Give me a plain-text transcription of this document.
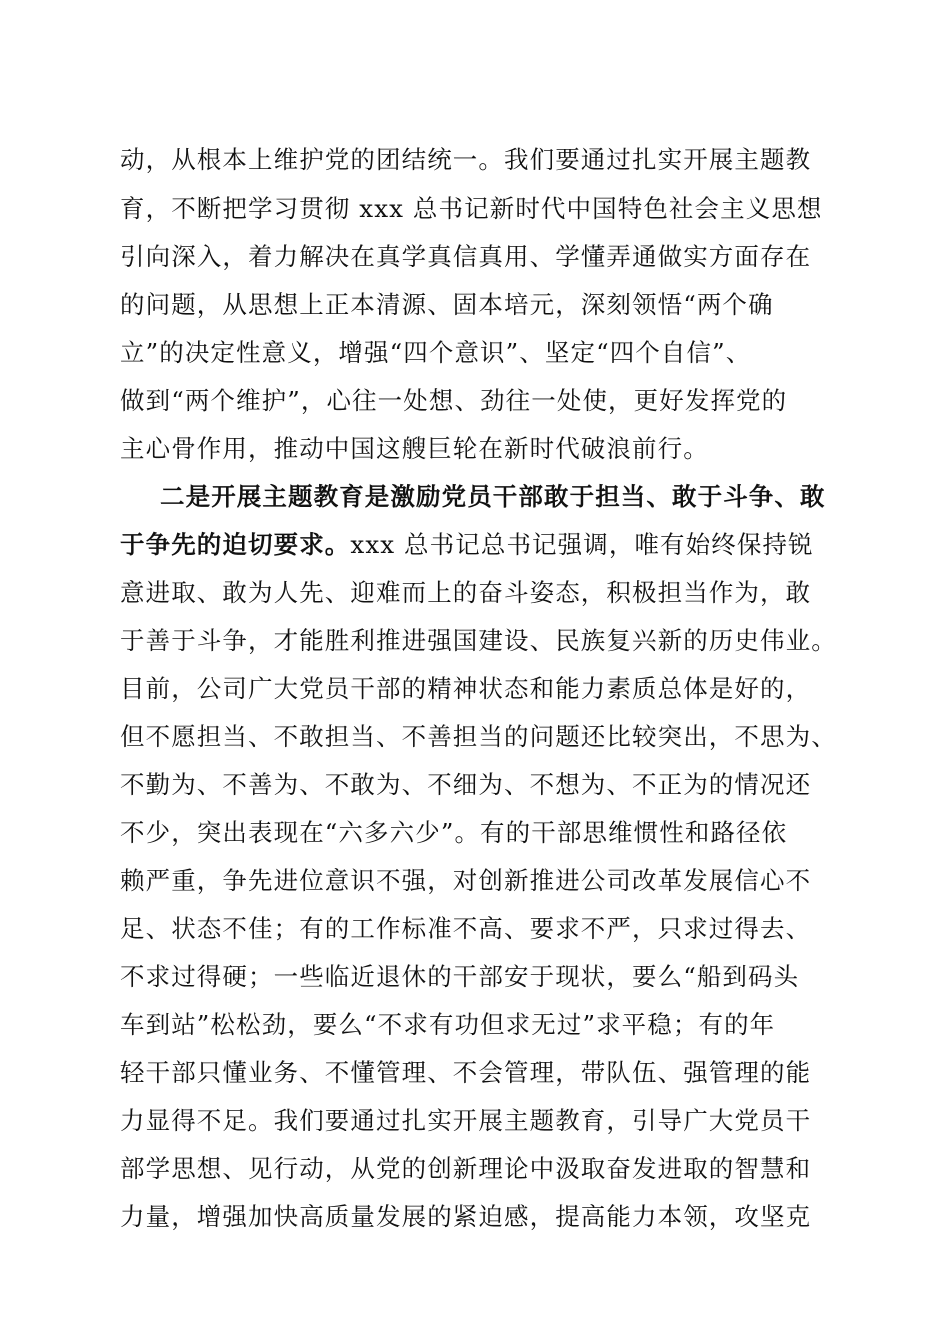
动，从根本上维护党的团结统一。我们要通过扎实开展主题教
育，不断把学习贯彻 xxx 总书记新时代中国特色社会主义思想
引向深入，着力解决在真学真信真用、学懂弄通做实方面存在
的问题，从思想上正本清源、固本培元，深刻领悟“两个确
立”的决定性意义，增强“四个意识”、坚定“四个自信”、
做到“两个维护”，心往一处想、劲往一处使，更好发挥党的
主心骨作用，推动中国这艘巨轮在新时代破浪前行。
二是开展主题教育是激励党员干部敢于担当、敢于斗争、敢
于争先的迫切要求。xxx 总书记总书记强调，唯有始终保持锐
意进取、敢为人先、迎难而上的奋斗姿态，积极担当作为，敢
于善于斗争，才能胜利推进强国建设、民族复兴新的历史伟业。
目前，公司广大党员干部的精神状态和能力素质总体是好的，
但不愿担当、不敢担当、不善担当的问题还比较突出，不思为、
不勤为、不善为、不敢为、不细为、不想为、不正为的情况还
不少，突出表现在“六多六少”。有的干部思维惯性和路径依
赖严重，争先进位意识不强，对创新推进公司改革发展信心不
足、状态不佳；有的工作标准不高、要求不严，只求过得去、
不求过得硬；一些临近退休的干部安于现状，要么“船到码头
车到站”松松劲，要么“不求有功但求无过”求平稳；有的年
轻干部只懂业务、不懂管理、不会管理，带队伍、强管理的能
力显得不足。我们要通过扎实开展主题教育，引导广大党员干
部学思想、见行动，从党的创新理论中汲取奋发进取的智慧和
力量，增强加快高质量发展的紧迫感，提高能力本领，攻坚克
